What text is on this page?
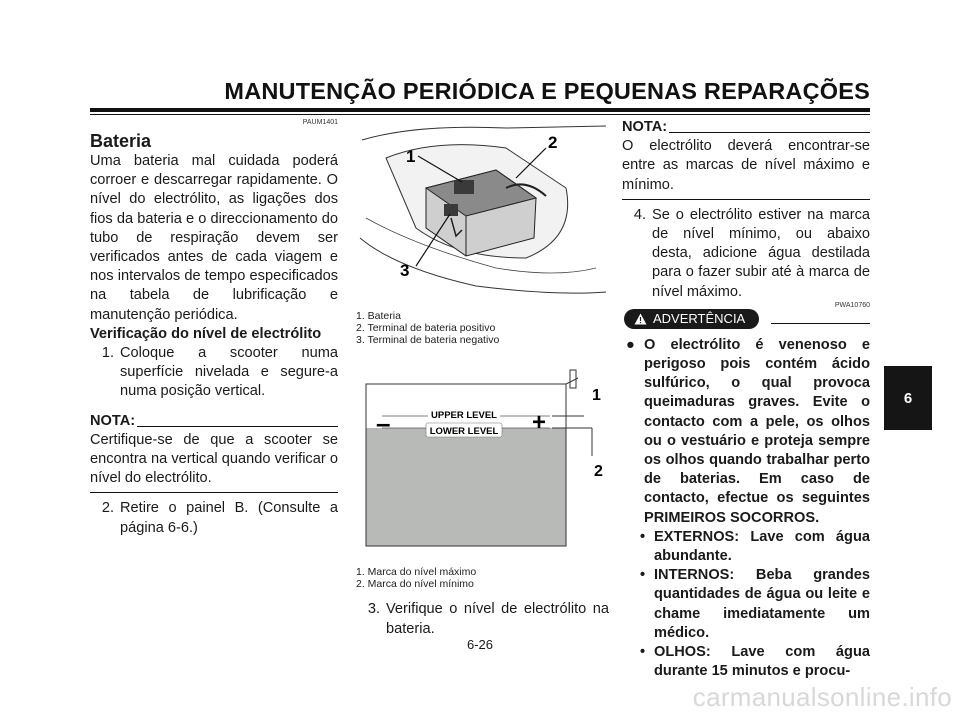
MANUTENÇÃO PERIÓDICA E PEQUENAS REPARAÇÕES
PAUM1401
Bateria

Uma bateria mal cuidada poderá corroer e descarregar rapidamente. O nível do electrólito, as ligações dos fios da bateria e o direccionamento do tubo de respiração devem ser verificados antes de cada viagem e nos intervalos de tempo especificados na tabela de lubrificação e manutenção periódica.

Verificação do nível de electrólito
1. Coloque a scooter numa superfície nivelada e segure-a numa posição vertical.
NOTA:

Certifique-se de que a scooter se encontra na vertical quando verificar o nível do electrólito.

2. Retire o painel B. (Consulte a página 6-6.)
1
2
3
1. Bateria
2. Terminal de bateria positivo
3. Terminal de bateria negativo
UPPER LEVEL
LOWER LEVEL
–	+
1
2
1. Marca do nível máximo
2. Marca do nível mínimo
3. Verifique o nível de electrólito na bateria.
NOTA:

O electrólito deverá encontrar-se entre as marcas de nível máximo e mínimo.

4. Se o electrólito estiver na marca de nível mínimo, ou abaixo desta, adicione água destilada para o fazer subir até à marca de nível máximo.
PWA10760
ADVERTÊNCIA
● O electrólito é venenoso e perigoso pois contém ácido sulfúrico, o qual provoca queimaduras graves. Evite o contacto com a pele, os olhos ou o vestuário e proteja sempre os olhos quando trabalhar perto de baterias. Em caso de contacto, efectue os seguintes PRIMEIROS SOCORROS.
• EXTERNOS: Lave com água abundante.
• INTERNOS: Beba grandes quantidades de água ou leite e chame imediatamente um médico.
• OLHOS: Lave com água durante 15 minutos e procu-
6
6-26
carmanualsonline.info
